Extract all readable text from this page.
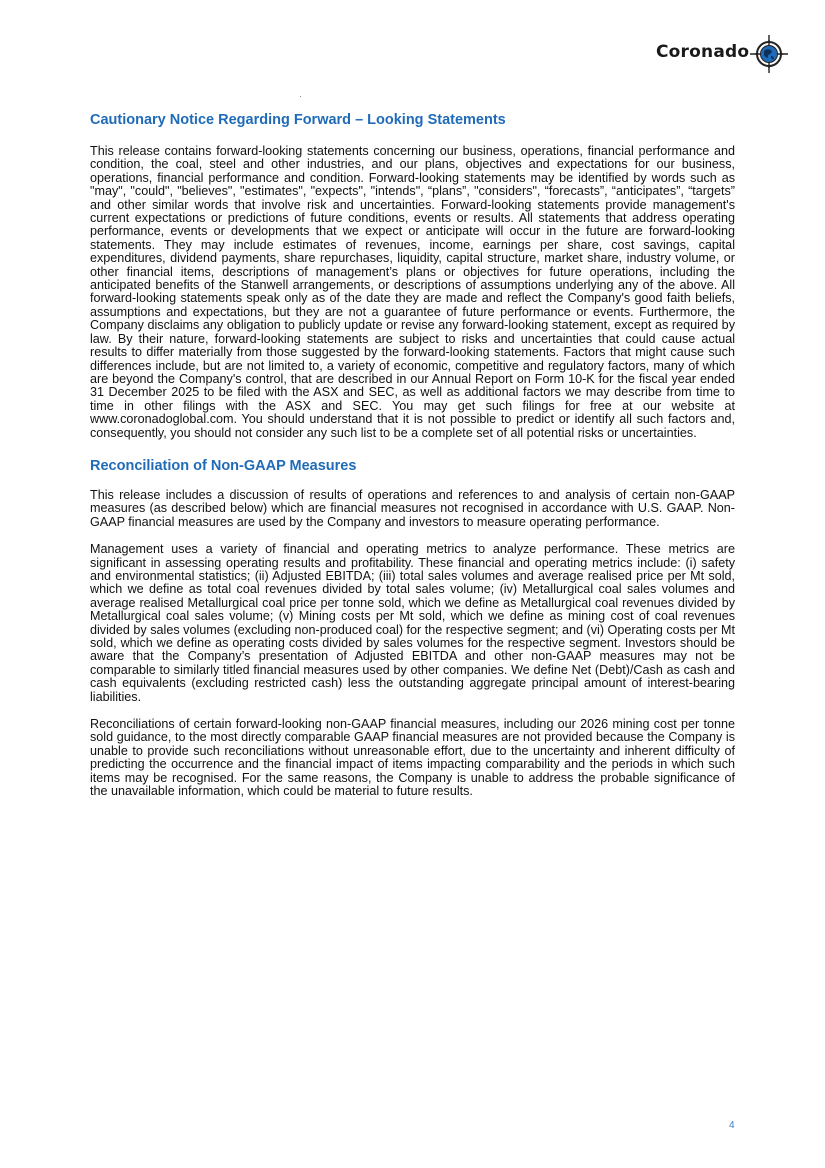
Coronado
Cautionary Notice Regarding Forward – Looking Statements

This release contains forward-looking statements concerning our business, operations, financial performance and condition, the coal, steel and other industries, and our plans, objectives and expectations for our business, operations, financial performance and condition. Forward-looking statements may be identified by words such as "may", "could", "believes", "estimates", "expects", "intends", “plans”, "considers", “forecasts”, “anticipates”, “targets” and other similar words that involve risk and uncertainties. Forward-looking statements provide management's current expectations or predictions of future conditions, events or results. All statements that address operating performance, events or developments that we expect or anticipate will occur in the future are forward-looking statements. They may include estimates of revenues, income, earnings per share, cost savings, capital expenditures, dividend payments, share repurchases, liquidity, capital structure, market share, industry volume, or other financial items, descriptions of management’s plans or objectives for future operations, including the anticipated benefits of the Stanwell arrangements, or descriptions of assumptions underlying any of the above. All forward-looking statements speak only as of the date they are made and reflect the Company's good faith beliefs, assumptions and expectations, but they are not a guarantee of future performance or events. Furthermore, the Company disclaims any obligation to publicly update or revise any forward-looking statement, except as required by law. By their nature, forward-looking statements are subject to risks and uncertainties that could cause actual results to differ materially from those suggested by the forward-looking statements. Factors that might cause such differences include, but are not limited to, a variety of economic, competitive and regulatory factors, many of which are beyond the Company's control, that are described in our Annual Report on Form 10-K for the fiscal year ended 31 December 2025 to be filed with the ASX and SEC, as well as additional factors we may describe from time to time in other filings with the ASX and SEC. You may get such filings for free at our website at www.coronadoglobal.com. You should understand that it is not possible to predict or identify all such factors and, consequently, you should not consider any such list to be a complete set of all potential risks or uncertainties.

Reconciliation of Non-GAAP Measures

This release includes a discussion of results of operations and references to and analysis of certain non-GAAP measures (as described below) which are financial measures not recognised in accordance with U.S. GAAP. Non-GAAP financial measures are used by the Company and investors to measure operating performance.

Management uses a variety of financial and operating metrics to analyze performance. These metrics are significant in assessing operating results and profitability. These financial and operating metrics include: (i) safety and environmental statistics; (ii) Adjusted EBITDA; (iii) total sales volumes and average realised price per Mt sold, which we define as total coal revenues divided by total sales volume; (iv) Metallurgical coal sales volumes and average realised Metallurgical coal price per tonne sold, which we define as Metallurgical coal revenues divided by Metallurgical coal sales volume; (v) Mining costs per Mt sold, which we define as mining cost of coal revenues divided by sales volumes (excluding non-produced coal) for the respective segment; and (vi) Operating costs per Mt sold, which we define as operating costs divided by sales volumes for the respective segment. Investors should be aware that the Company’s presentation of Adjusted EBITDA and other non-GAAP measures may not be comparable to similarly titled financial measures used by other companies. We define Net (Debt)/Cash as cash and cash equivalents (excluding restricted cash) less the outstanding aggregate principal amount of interest-bearing liabilities.

Reconciliations of certain forward-looking non-GAAP financial measures, including our 2026 mining cost per tonne sold guidance, to the most directly comparable GAAP financial measures are not provided because the Company is unable to provide such reconciliations without unreasonable effort, due to the uncertainty and inherent difficulty of predicting the occurrence and the financial impact of items impacting comparability and the periods in which such items may be recognised. For the same reasons, the Company is unable to address the probable significance of the unavailable information, which could be material to future results.

4
